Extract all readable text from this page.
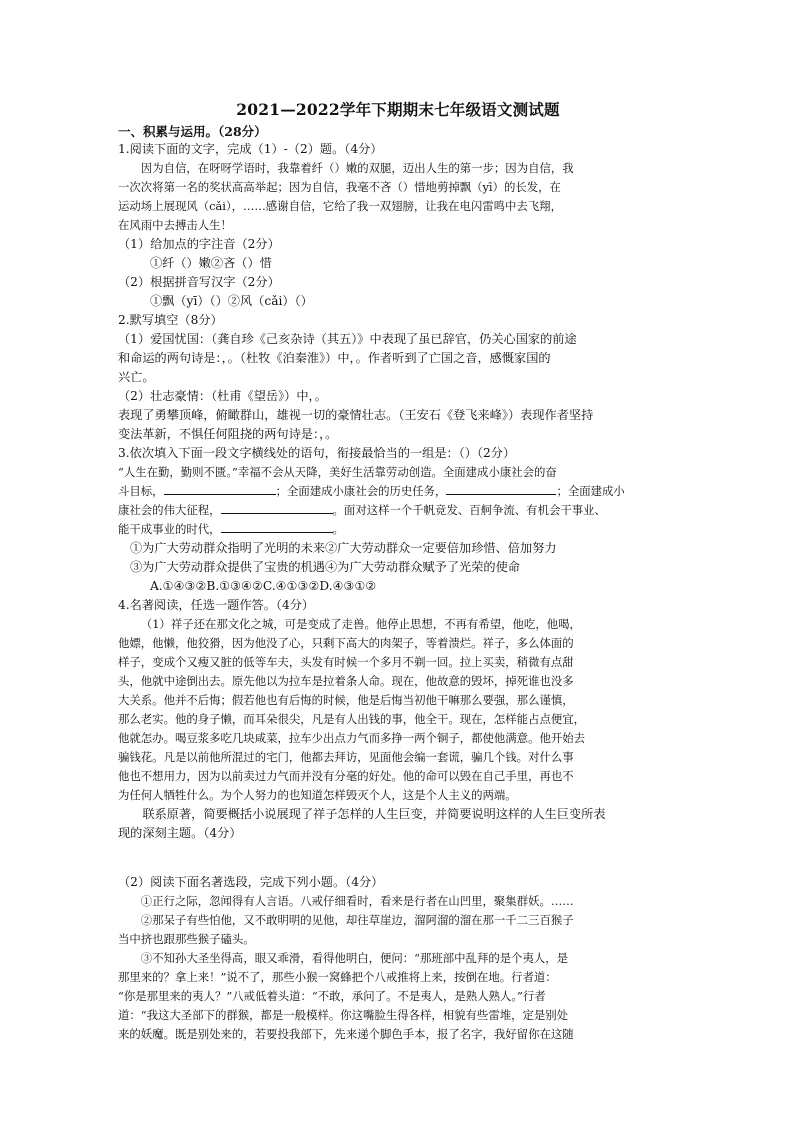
2021—2022学年下期期末七年级语文测试题

一、积累与运用。（28分）

1.阅读下面的文字，完成（1）-（2）题。（4分）

因为自信，在呀呀学语时，我靠着纤（）嫩的双腿，迈出人生的第一步；因为自信，我

一次次将第一名的奖状高高举起；因为自信，我毫不吝（）惜地剪掉飘（yī）的长发，在

运动场上展现风（cǎi），……感谢自信，它给了我一双翅膀，让我在电闪雷鸣中去飞翔，

在风雨中去搏击人生！

（1）给加点的字注音（2分）

①纤（）嫩②吝（）惜

（2）根据拼音写汉字（2分）

①飘（yī）（）②风（cǎi）（）

2.默写填空（8分）

（1）爱国忧国：（龚自珍《己亥杂诗（其五）》中表现了虽已辞官，仍关心国家的前途

和命运的两句诗是：，。（杜牧《泊秦淮》）中，。作者听到了亡国之音，感慨家国的

兴亡。

（2）壮志豪情：（杜甫《望岳》）中，。

表现了勇攀顶峰，俯瞰群山，雄视一切的豪情壮志。（王安石《登飞来峰》）表现作者坚持

变法革新，不惧任何阻挠的两句诗是：，。

3.依次填入下面一段文字横线处的语句，衔接最恰当的一组是：（）（2分）

“人生在勤，勤则不匮。”幸福不会从天降，美好生活靠劳动创造。全面建成小康社会的奋

斗目标，	；全面建成小康社会的历史任务，	；全面建成小

康社会的伟大征程，	。面对这样一个千帆竞发、百舸争流、有机会干事业、

能干成事业的时代，	。

①为广大劳动群众指明了光明的未来②广大劳动群众一定要倍加珍惜、倍加努力

③为广大劳动群众提供了宝贵的机遇④为广大劳动群众赋予了光荣的使命

A.①④③②B.①③④②C.④①③②D.④③①②

4.名著阅读，任选一题作答。（4分）

（1）祥子还在那文化之城，可是变成了走兽。他停止思想，不再有希望，他吃，他喝，

他嫖，他懒，他狡猾，因为他没了心，只剩下高大的肉架子，等着溃烂。祥子，多么体面的

样子，变成个又瘦又脏的低等车夫，头发有时候一个多月不剃一回。拉上买卖，稍微有点甜

头，他就中途倒出去。原先他以为拉车是拉着条人命。现在，他故意的毁坏，掉死谁也没多

大关系。他并不后悔；假若他也有后悔的时候，他是后悔当初他干嘛那么要强，那么谨慎，

那么老实。他的身子懒，而耳朵很尖，凡是有人出钱的事，他全干。现在，怎样能占点便宜，

他就怎办。喝豆浆多吃几块咸菜，拉车少出点力气而多挣一两个铜子，都使他满意。他开始去

骗钱花。凡是以前他所混过的宅门，他都去拜访，见面他会编一套谎，骗几个钱。对什么事

他也不想用力，因为以前卖过力气而并没有分毫的好处。他的命可以毁在自己手里，再也不

为任何人牺牲什么。为个人努力的也知道怎样毁灭个人，这是个人主义的两端。

联系原著，简要概括小说展现了祥子怎样的人生巨变，并简要说明这样的人生巨变所表

现的深刻主题。（4分）

（2）阅读下面名著选段，完成下列小题。（4分）

①正行之际，忽闻得有人言语。八戒仔细看时，看来是行者在山凹里，聚集群妖。……

②那呆子有些怕他，又不敢明明的见他，却往草崖边，溜阿溜的溜在那一千二三百猴子

当中挤也跟那些猴子磕头。

③不知孙大圣坐得高，眼又乖滑，看得他明白，便问：“那班部中乱拜的是个夷人，是

那里来的？拿上来！”说不了，那些小猴一窝蜂把个八戒推将上来，按倒在地。行者道：

“你是那里来的夷人？”八戒低着头道：“不敢，承问了。不是夷人，是熟人熟人。”行者

道：“我这大圣部下的群猴，都是一般模样。你这嘴脸生得各样，相貌有些雷堆，定是别处

来的妖魔。既是别处来的，若要投我部下，先来递个脚色手本，报了名字，我好留你在这随
